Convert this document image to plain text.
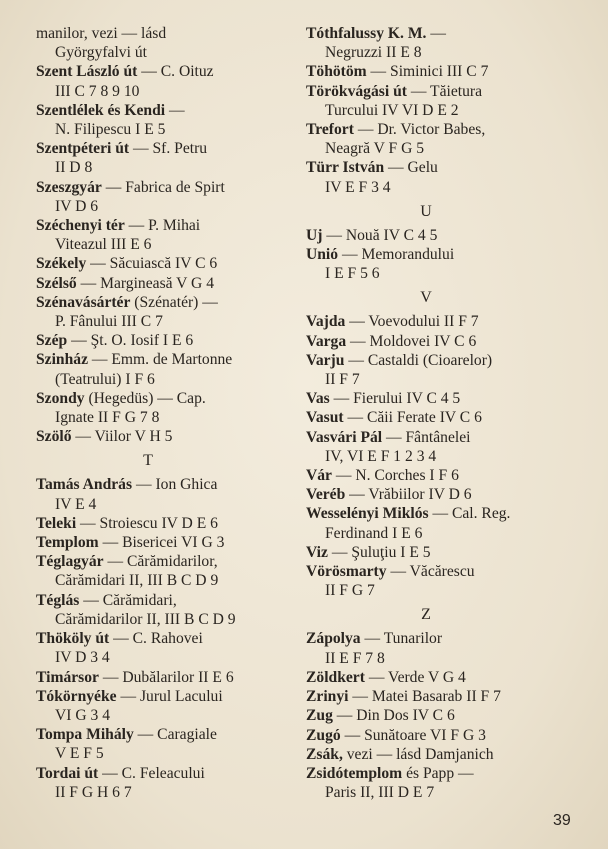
manilor, vezi — lásd
Györgyfalvi út
Szent László út — C. Oituz
III C 7 8 9 10
Szentlélek és Kendi —
N. Filipescu I E 5
Szentpéteri út — Sf. Petru
II D 8
Szeszgyár — Fabrica de Spirt
IV D 6
Széchenyi tér — P. Mihai
Viteazul III E 6
Székely — Săcuiască IV C 6
Szélső — Margineasă V G 4
Szénavásártér (Szénatér) —
P. Fânului III C 7
Szép — Şt. O. Iosif I E 6
Szinház — Emm. de Martonne
(Teatrului) I F 6
Szondy (Hegedüs) — Cap.
Ignate II F G 7 8
Szölő — Viilor V H 5
T
Tamás András — Ion Ghica
IV E 4
Teleki — Stroiescu IV D E 6
Templom — Bisericei VI G 3
Téglagyár — Cărămidarilor,
Cărămidari II, III B C D 9
Téglás — Cărămidari,
Cărămidarilor II, III B C D 9
Thököly út — C. Rahovei
IV D 3 4
Timársor — Dubălarilor II E 6
Tókörnyéke — Jurul Lacului
VI G 3 4
Tompa Mihály — Caragiale
V E F 5
Tordai út — C. Feleacului
II F G H 6 7
Tóthfalussy K. M. —
Negruzzi II E 8
Töhötöm — Siminici III C 7
Törökvágási út — Tăietura
Turcului IV VI D E 2
Trefort — Dr. Victor Babes,
Neagră V F G 5
Türr István — Gelu
IV E F 3 4
U
Uj — Nouă IV C 4 5
Unió — Memorandului
I E F 5 6
V
Vajda — Voevodului II F 7
Varga — Moldovei IV C 6
Varju — Castaldi (Cioarelor)
II F 7
Vas — Fierului IV C 4 5
Vasut — Căii Ferate IV C 6
Vasvári Pál — Fântânelei
IV, VI E F 1 2 3 4
Vár — N. Corches I F 6
Veréb — Vrăbiilor IV D 6
Wesselényi Miklós — Cal. Reg.
Ferdinand I E 6
Viz — Şuluţiu I E 5
Vörösmarty — Văcărescu
II F G 7
Z
Zápolya — Tunarilor
II E F 7 8
Zöldkert — Verde V G 4
Zrinyi — Matei Basarab II F 7
Zug — Din Dos IV C 6
Zugó — Sunătoare VI F G 3
Zsák, vezi — lásd Damjanich
Zsidótemplom és Papp —
Paris II, III D E 7
39
